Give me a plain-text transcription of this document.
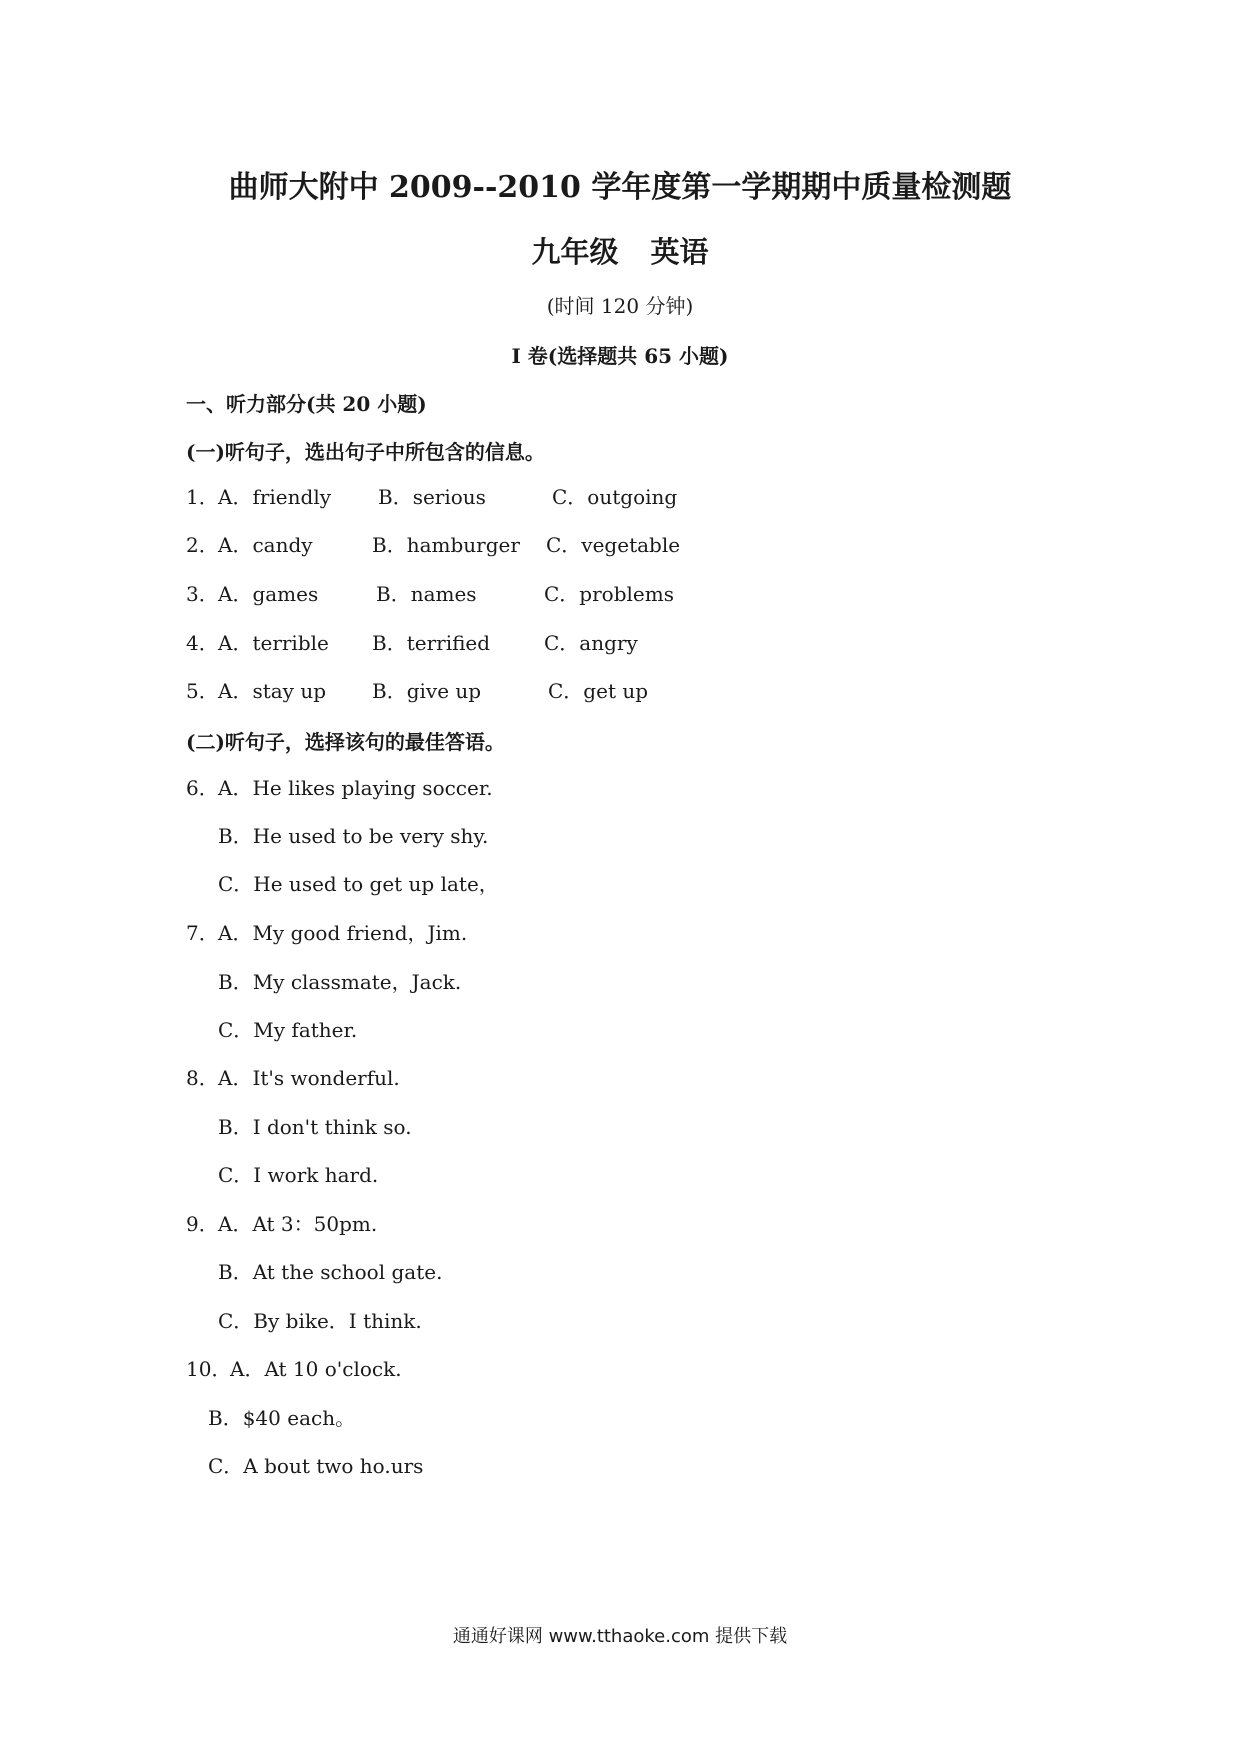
曲师大附中 2009--2010 学年度第一学期期中质量检测题
九年级 英语
(时间 120 分钟)
I 卷(选择题共 65 小题)
一、听力部分(共 20 小题)
(一)听句子，选出句子中所包含的信息。
1． A．friendly B．serious	C．outgoing
2． A．candy	B．hamburger C．vegetable
3． A．games	B．names	C．problems
4． A．terrible B．terrified	C．angry
5． A．stay up B．give up	C．get up
(二)听句子，选择该句的最佳答语。
6． A．He likes playing soccer.
B．He used to be very shy.
C．He used to get up late，
7． A．My good friend，Jim.
B．My classmate，Jack.
C．My father.
8． A．It's wonderful.
B．I don't think so.
C．I work hard.
9． A．At 3：50pm.
B．At the school gate.
C．By bike．I think.
10．
A．At 10 o'clock.
B．$40 each。
C．A bout two ho.urs
通通好课网 www.tthaoke.com 提供下载
